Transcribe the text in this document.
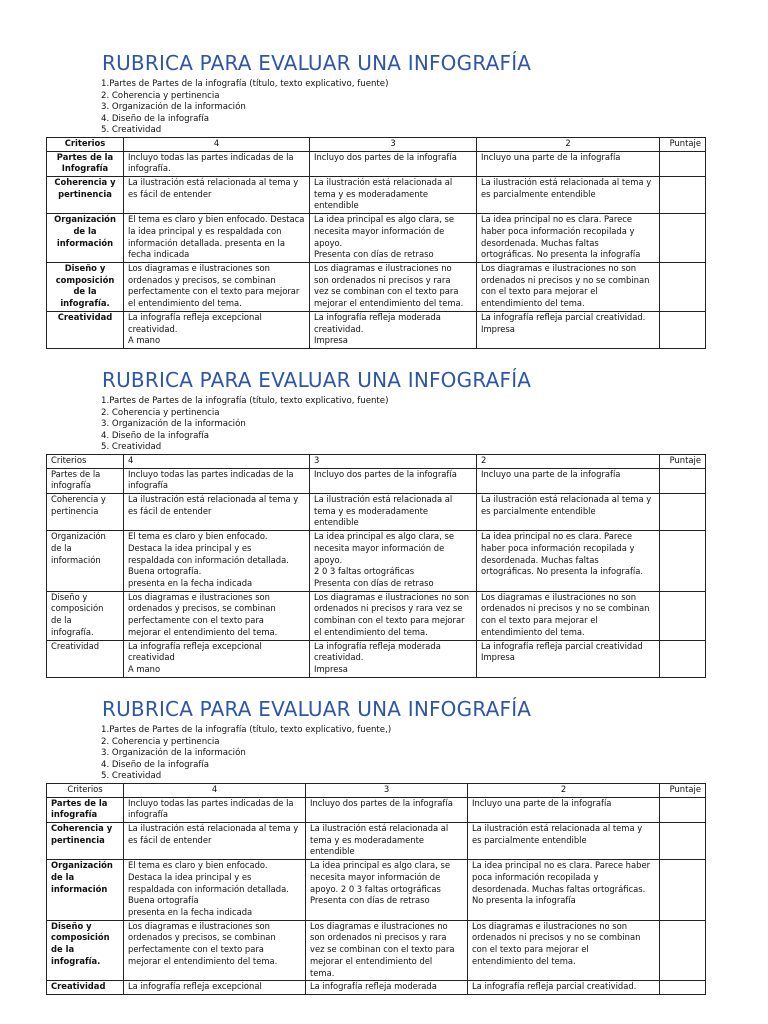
RUBRICA PARA EVALUAR UNA INFOGRAFÍA
1.Partes de Partes de la infografía (título, texto explicativo, fuente)
2. Coherencia y pertinencia
3. Organización de la información
4. Diseño de la infografía
5. Creatividad
Criterios	4	3	2	Puntaje
Partes de la
Infografía	Incluyo todas las partes indicadas de la
infografía.	Incluyo dos partes de la infografía	Incluyo una parte de la infografía	
Coherencia y
pertinencia	La ilustración está relacionada al tema y
es fácil de entender	La ilustración está relacionada al
tema y es moderadamente
entendible	La ilustración está relacionada al tema y
es parcialmente entendible	
Organización
de la
información	El tema es claro y bien enfocado. Destaca
la idea principal y es respaldada con
información detallada. presenta en la
fecha indicada	La idea principal es algo clara, se
necesita mayor información de
apoyo.
Presenta con días de retraso	La idea principal no es clara. Parece
haber poca información recopilada y
desordenada. Muchas faltas
ortográficas. No presenta la infografía	
Diseño y
composición
de la
infografía.	Los diagramas e ilustraciones son
ordenados y precisos, se combinan
perfectamente con el texto para mejorar
el entendimiento del tema.	Los diagramas e ilustraciones no
son ordenados ni precisos y rara
vez se combinan con el texto para
mejorar el entendimiento del tema.	Los diagramas e ilustraciones no son
ordenados ni precisos y no se combinan
con el texto para mejorar el
entendimiento del tema.	
Creatividad	La infografía refleja excepcional
creatividad.
A mano	La infografía refleja moderada
creatividad.
Impresa	La infografía refleja parcial creatividad.
Impresa	
RUBRICA PARA EVALUAR UNA INFOGRAFÍA
1.Partes de Partes de la infografía (título, texto explicativo, fuente)
2. Coherencia y pertinencia
3. Organización de la información
4. Diseño de la infografía
5. Creatividad
Criterios	4	3	2	Puntaje
Partes de la
infografía	Incluyo todas las partes indicadas de la
infografía	Incluyo dos partes de la infografía	Incluyo una parte de la infografía	
Coherencia y
pertinencia	La ilustración está relacionada al tema y
es fácil de entender	La ilustración está relacionada al
tema y es moderadamente
entendible	La ilustración está relacionada al tema y
es parcialmente entendible	
Organización
de la
información	El tema es claro y bien enfocado.
Destaca la idea principal y es
respaldada con información detallada.
Buena ortografía.
presenta en la fecha indicada	La idea principal es algo clara, se
necesita mayor información de
apoyo.
2 0 3 faltas ortográficas
Presenta con días de retraso	La idea principal no es clara. Parece
haber poca información recopilada y
desordenada. Muchas faltas
ortográficas. No presenta la infografía.	
Diseño y
composición
de la
infografía.	Los diagramas e ilustraciones son
ordenados y precisos, se combinan
perfectamente con el texto para
mejorar el entendimiento del tema.	Los diagramas e ilustraciones no son
ordenados ni precisos y rara vez se
combinan con el texto para mejorar
el entendimiento del tema.	Los diagramas e ilustraciones no son
ordenados ni precisos y no se combinan
con el texto para mejorar el
entendimiento del tema.	
Creatividad	La infografía refleja excepcional
creatividad
A mano	La infografía refleja moderada
creatividad.
Impresa	La infografía refleja parcial creatividad
Impresa	
RUBRICA PARA EVALUAR UNA INFOGRAFÍA
1.Partes de Partes de la infografía (título, texto explicativo, fuente,)
2. Coherencia y pertinencia
3. Organización de la información
4. Diseño de la infografía
5. Creatividad
Criterios	4	3	2	Puntaje
Partes de la
infografía	Incluyo todas las partes indicadas de la
infografía	Incluyo dos partes de la infografía	Incluyo una parte de la infografía	
Coherencia y
pertinencia	La ilustración está relacionada al tema y
es fácil de entender	La ilustración está relacionada al
tema y es moderadamente
entendible	La ilustración está relacionada al tema y
es parcialmente entendible	
Organización
de la
información	El tema es claro y bien enfocado.
Destaca la idea principal y es
respaldada con información detallada.
Buena ortografía
presenta en la fecha indicada	La idea principal es algo clara, se
necesita mayor información de
apoyo. 2 0 3 faltas ortográficas
Presenta con días de retraso	La idea principal no es clara. Parece haber
poca información recopilada y
desordenada. Muchas faltas ortográficas.
No presenta la infografía	
Diseño y
composición
de la
infografía.	Los diagramas e ilustraciones son
ordenados y precisos, se combinan
perfectamente con el texto para
mejorar el entendimiento del tema.	Los diagramas e ilustraciones no
son ordenados ni precisos y rara
vez se combinan con el texto para
mejorar el entendimiento del
tema.	Los diagramas e ilustraciones no son
ordenados ni precisos y no se combinan
con el texto para mejorar el
entendimiento del tema.	
Creatividad	La infografía refleja excepcional	La infografía refleja moderada	La infografía refleja parcial creatividad.	
